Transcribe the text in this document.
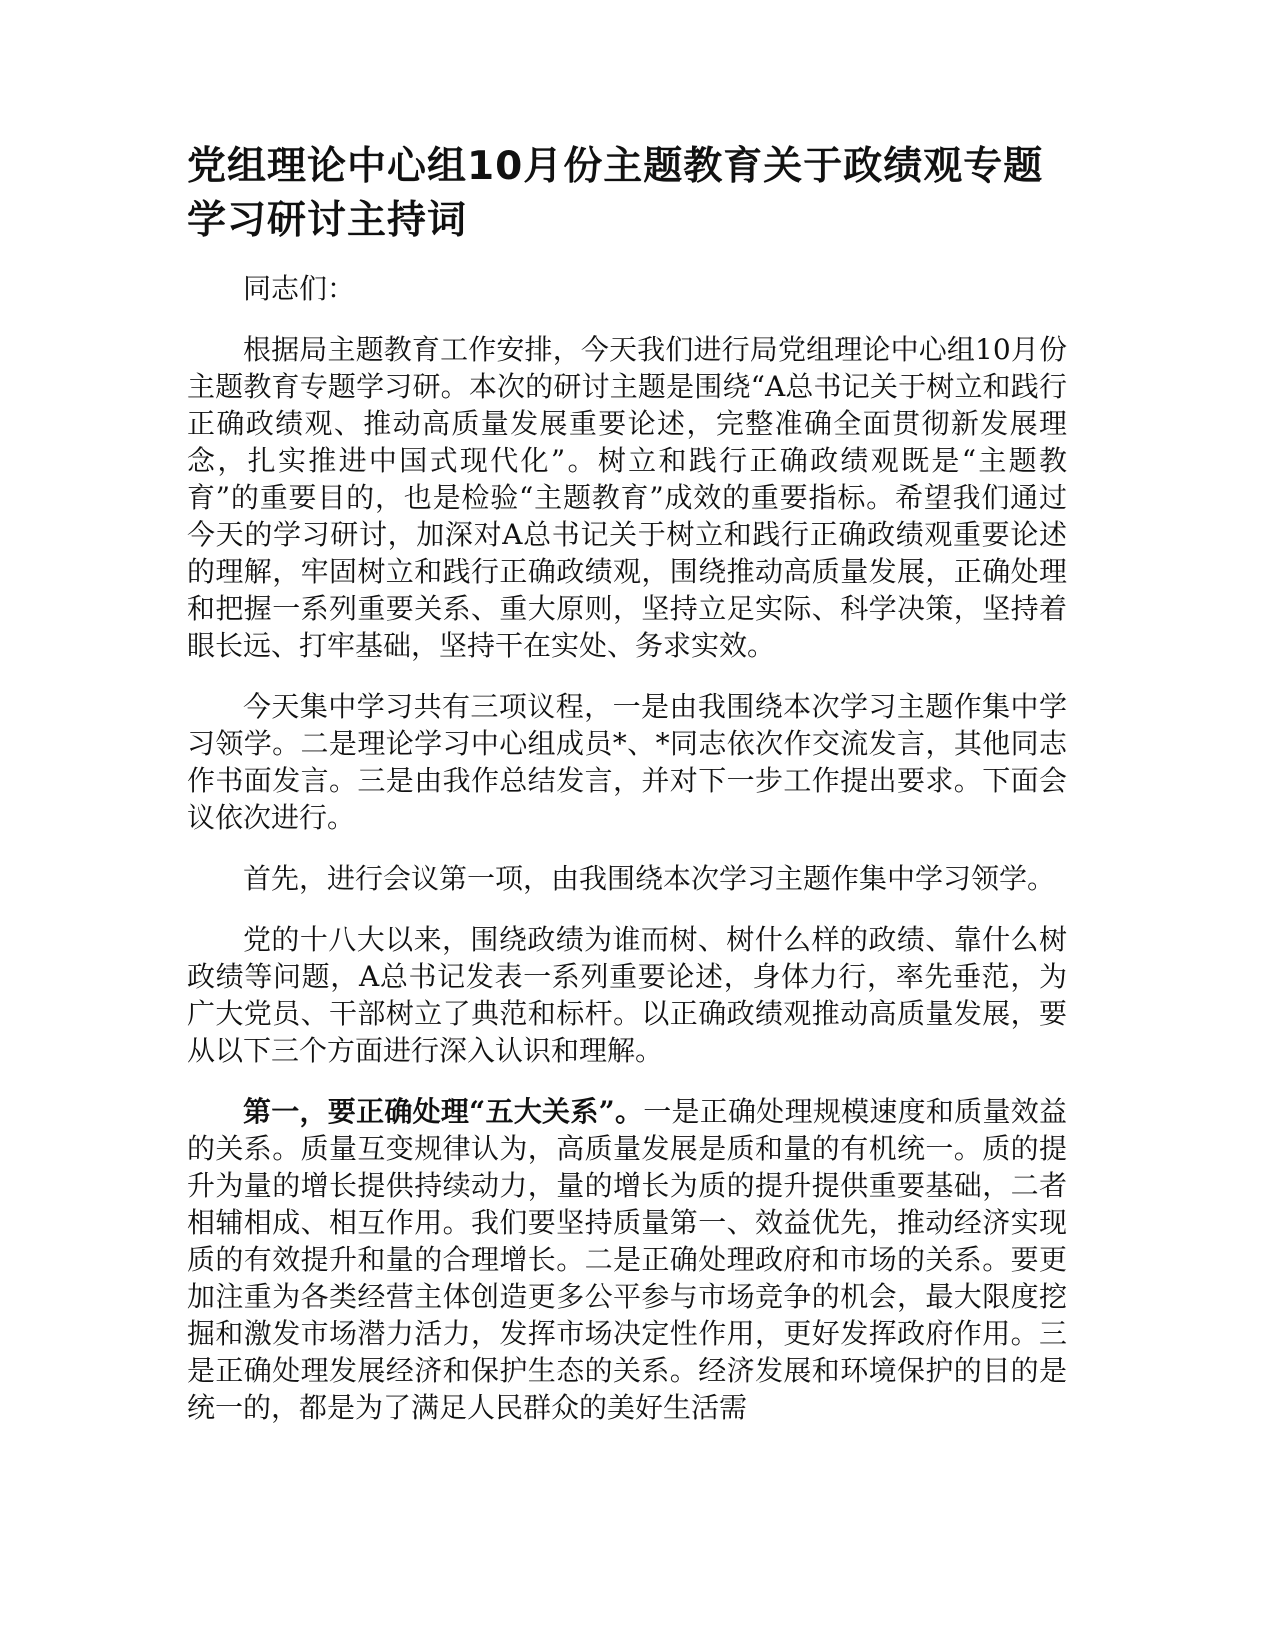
党组理论中心组10月份主题教育关于政绩观专题学习研讨主持词

同志们：

根据局主题教育工作安排，今天我们进行局党组理论中心组10月份主题教育专题学习研。本次的研讨主题是围绕“A总书记关于树立和践行正确政绩观、推动高质量发展重要论述，完整准确全面贯彻新发展理念，扎实推进中国式现代化”。树立和践行正确政绩观既是“主题教育”的重要目的，也是检验“主题教育”成效的重要指标。希望我们通过今天的学习研讨，加深对A总书记关于树立和践行正确政绩观重要论述的理解，牢固树立和践行正确政绩观，围绕推动高质量发展，正确处理和把握一系列重要关系、重大原则，坚持立足实际、科学决策，坚持着眼长远、打牢基础，坚持干在实处、务求实效。

今天集中学习共有三项议程，一是由我围绕本次学习主题作集中学习领学。二是理论学习中心组成员*、*同志依次作交流发言，其他同志作书面发言。三是由我作总结发言，并对下一步工作提出要求。下面会议依次进行。

首先，进行会议第一项，由我围绕本次学习主题作集中学习领学。

党的十八大以来，围绕政绩为谁而树、树什么样的政绩、靠什么树政绩等问题，A总书记发表一系列重要论述，身体力行，率先垂范，为广大党员、干部树立了典范和标杆。以正确政绩观推动高质量发展，要从以下三个方面进行深入认识和理解。

第一，要正确处理“五大关系”。一是正确处理规模速度和质量效益的关系。质量互变规律认为，高质量发展是质和量的有机统一。质的提升为量的增长提供持续动力，量的增长为质的提升提供重要基础，二者相辅相成、相互作用。我们要坚持质量第一、效益优先，推动经济实现质的有效提升和量的合理增长。二是正确处理政府和市场的关系。要更加注重为各类经营主体创造更多公平参与市场竞争的机会，最大限度挖掘和激发市场潜力活力，发挥市场决定性作用，更好发挥政府作用。三是正确处理发展经济和保护生态的关系。经济发展和环境保护的目的是统一的，都是为了满足人民群众的美好生活需
